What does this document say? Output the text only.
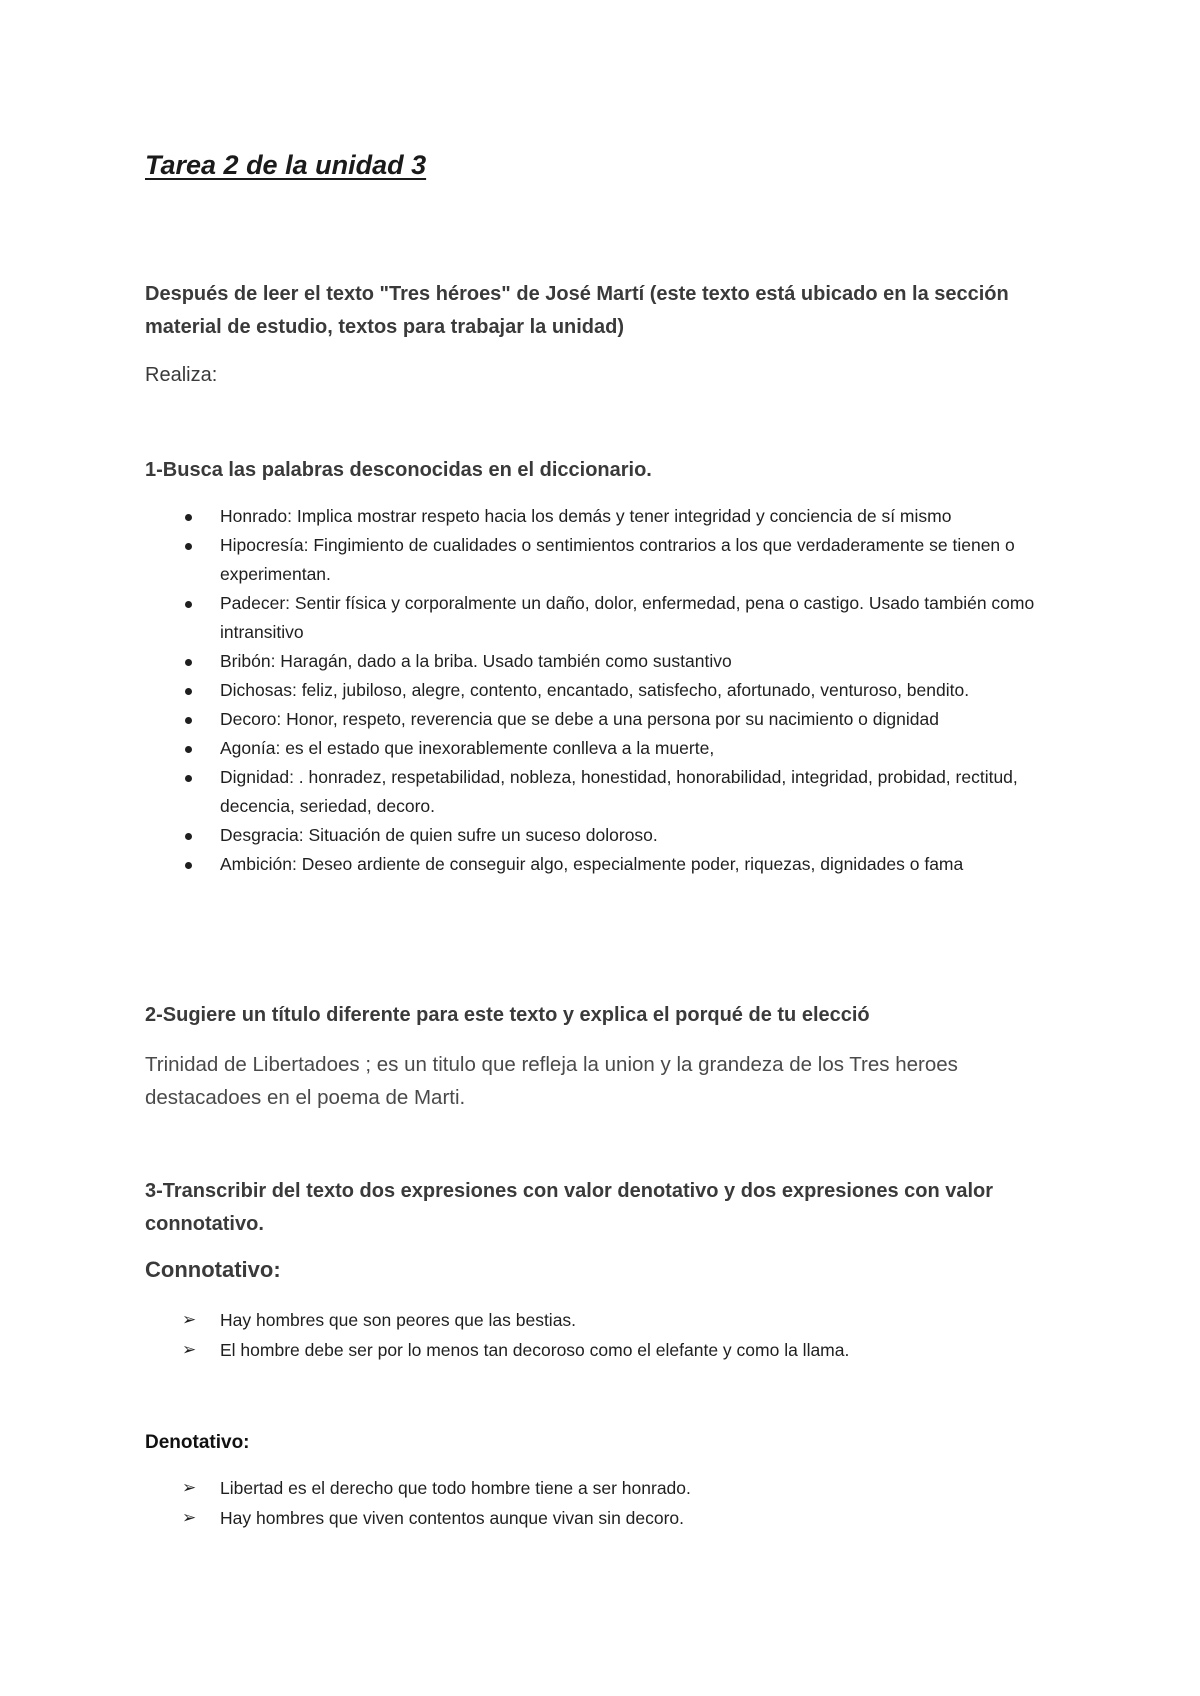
Tarea 2 de la unidad 3
Después de leer el texto "Tres héroes" de José Martí (este texto está ubicado en la sección material de estudio, textos para trabajar la unidad)
Realiza:
1-Busca las palabras desconocidas en el diccionario.
Honrado: Implica mostrar respeto hacia los demás y tener integridad y conciencia de sí mismo
Hipocresía: Fingimiento de cualidades o sentimientos contrarios a los que verdaderamente se tienen o experimentan.
Padecer: Sentir física y corporalmente un daño, dolor, enfermedad, pena o castigo. Usado también como intransitivo
Bribón: Haragán, dado a la briba. Usado también como sustantivo
Dichosas: feliz, jubiloso, alegre, contento, encantado, satisfecho, afortunado, venturoso, bendito.
Decoro: Honor, respeto, reverencia que se debe a una persona por su nacimiento o dignidad
Agonía: es el estado que inexorablemente conlleva a la muerte,
Dignidad: . honradez, respetabilidad, nobleza, honestidad, honorabilidad, integridad, probidad, rectitud, decencia, seriedad, decoro.
Desgracia: Situación de quien sufre un suceso doloroso.
Ambición: Deseo ardiente de conseguir algo, especialmente poder, riquezas, dignidades o fama
2-Sugiere un título diferente para este texto y explica el porqué de tu elecció
Trinidad de Libertadoes ; es un titulo que refleja la union y la grandeza de los Tres heroes destacadoes en el poema de Marti.
3-Transcribir del texto dos expresiones con valor denotativo y dos expresiones con valor connotativo.
Connotativo:
➢ Hay hombres que son peores que las bestias.
➢ El hombre debe ser por lo menos tan decoroso como el elefante y como la llama.
Denotativo:
➢ Libertad es el derecho que todo hombre tiene a ser honrado.
➢ Hay hombres que viven contentos aunque vivan sin decoro.
